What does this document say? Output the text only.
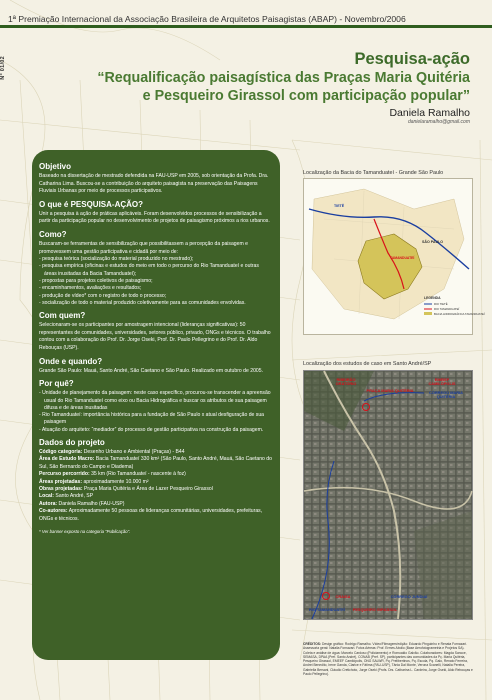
1ª Premiação Internacional da Associação Brasileira de Arquitetos Paisagistas (ABAP) - Novembro/2006
Nº 01/02	Pesquisa-ação
“Requalificação paisagística das Praças Maria Quitéria
e Pesqueiro Girassol com participação popular”
Daniela Ramalho
danielaramalho@gmail.com
Objetivo

Baseado na dissertação de mestrado defendida na FAU-USP em 2005, sob orientação da Profa. Dra. Catharina Lima. Buscou-se a contribuição do arquiteto paisagista na preservação das Paisagens Fluviais Urbanas por meio de processos participativos.

O que é PESQUISA-AÇÃO?

Unir a pesquisa à ação de práticas aplicáveis. Foram desenvolvidos processos de sensibilização a partir da participação popular no desenvolvimento de projetos de paisagismo próximos a rios urbanos.

Como?

Buscaram-se ferramentas de sensibilização que possibilitassem a percepção da paisagem e promovessem uma gestão participativa e cidadã por meio de:

- pesquisa teórica (socialização do material produzido no mestrado);
- pesquisa empírica (oficinas e estudos do meio em todo o percurso do Rio Tamanduateí e outras áreas inusitadas da Bacia Tamanduateí);
- propostas para projetos coletivos de paisagismo;
- encaminhamentos, avaliações e resultados;
- produção de vídeo* com o registro de todo o processo;
- socialização de todo o material produzido coletivamente para as comunidades envolvidas.
Com quem?

Selecionaram-se os participantes por amostragem intencional (lideranças significativas): 50 representantes de comunidades, universidades, setores público, privado, ONGs e técnicos. O trabalho contou com a colaboração do Prof. Dr. Jorge Oseki, Prof. Dr. Paulo Pellegrino e do Prof. Dr. Aldo Rebouças (USP).

Onde e quando?

Grande São Paulo: Mauá, Santo André, São Caetano e São Paulo. Realizado em outubro de 2005.

Por quê?
- Unidade de planejamento da paisagem: neste caso específico, procurou-se transcender a apreensão usual do Rio Tamanduateí como eixo ou Bacia Hidrográfica e buscar os atributos de sua paisagem difusa e de áreas inusitadas
- Rio Tamanduateí: importância histórica para a fundação de São Paulo x atual desfiguração de sua paisagem
- Atuação do arquiteto: “mediador” do processo de gestão participativa na construção da paisagem.
Dados do projeto
Código categoria: Desenho Urbano e Ambiental (Praças) - B44
Área de Estudo Macro: Bacia Tamanduateí 330 km² (São Paulo, Santo André, Mauá, São Caetano do Sul, São Bernardo do Campo e Diadema)
Percurso percorrido: 35 km (Rio Tamanduateí - nascente à foz)
Áreas projetadas: aproximadamente 10.000 m²
Obras projetadas: Praça Maria Quitéria e Área de Lazer Pesqueiro Girassol
Local: Santo André, SP
Autora: Daniela Ramalho (FAU-USP)
Co-autores: Aproximadamente 50 pessoas de lideranças comunitárias, universidades, prefeituras, ONGs e técnicos.
* Ver banner exposto na categoria “Publicação”.
Localização da Bacia do Tamanduateí - Grande São Paulo
TIETÊ
SÃO PAULO
TAMANDUATEÍ
LEGENDA
RIO TIETÊ
RIO TAMANDUATEÍ
BACIA HIDROGRÁFICA TAMANDUATEÍ
Localização dos estudos de caso em Santo André/SP
RIBEIRÃO ORATÓRIO
EMEIEF CAMILÓPOLIS
PRAÇA MARIA QUITÉRIA	CÓRREGO MARIA QUITÉRIA
CRAISA	CÓRREGO JUNDIAÍ
RIO TAMANDUATEÍ	PESQUEIRO GIRASSOL
CRÉDITOS: Design gráfico: Rodrigo Ramalho. Vídeo/Filmagem/edição: Eduardo Pinguinho e Renata Fornazari. Assessoria geral: Natalia Fornazari. Fotos Aéreas: Prof. Ermes Abolio (Base Aerofotogrametria e Projetos SA). Coleta e análise de água: Marcelo Cardoso (Policiamento) e Romualdo Galvão. Colaboradores: Magda Sancce, SEMASA, DPAA (Pref. Santo André), CONAB (Pref. SP), participantes das comunidades da Pç. Maria Quitéria, Pesqueiro Girassol, EMEEF Camilópolis, ONG SALWR, Pq. Prelibertinos, Pq. Escola, Pq. Galo, Renato Ferreira, Andrei Benedito, Irene Ganda, Clarice e Fátima (FAU-USP), Tânia Dal Monte, Verona Scanelli, Natalia Pereira, Gabriella Bersani, Cláudio Cretichoto, Jorge Oseki (Profs. Drs. Catharina L. Cardeira, Jorge Oseki, Aldo Rebouças e Paulo Pellegrino).
